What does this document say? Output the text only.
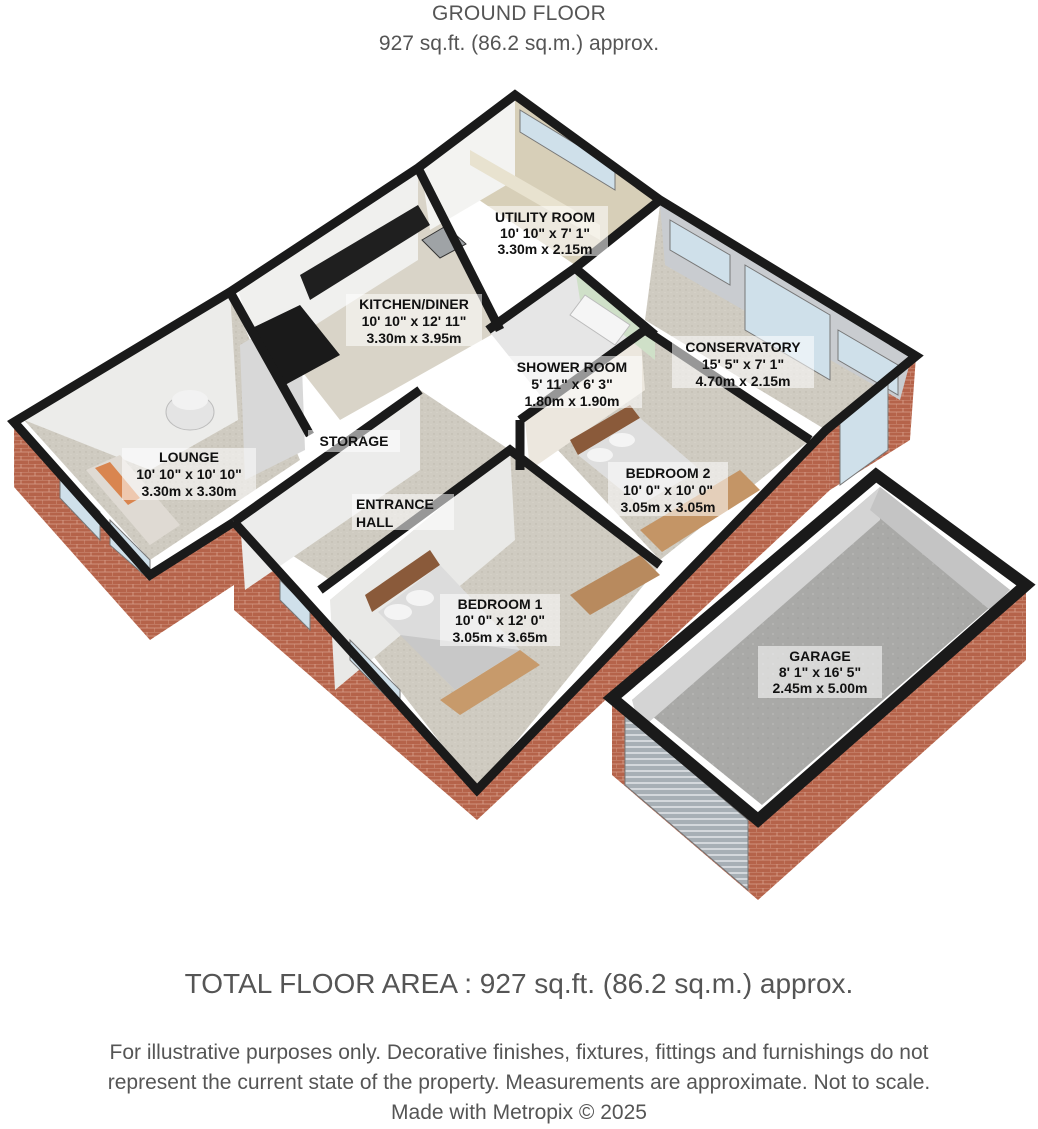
GROUND FLOOR
927 sq.ft. (86.2 sq.m.) approx.
UTILITY ROOM
10' 10" x 7' 1"
3.30m x 2.15m
KITCHEN/DINER
10' 10" x 12' 11"
3.30m x 3.95m
SHOWER ROOM
5' 11" x 6' 3"
1.80m x 1.90m
CONSERVATORY
15' 5" x 7' 1"
4.70m x 2.15m
LOUNGE
10' 10" x 10' 10"
3.30m x 3.30m
STORAGE
BEDROOM 2
10' 0" x 10' 0"
3.05m x 3.05m
ENTRANCE
HALL
BEDROOM 1
10' 0" x 12' 0"
3.05m x 3.65m
GARAGE
8' 1" x 16' 5"
2.45m x 5.00m
TOTAL FLOOR AREA : 927 sq.ft. (86.2 sq.m.) approx.
For illustrative purposes only. Decorative finishes, fixtures, fittings and furnishings do not
represent the current state of the property. Measurements are approximate. Not to scale.
Made with Metropix © 2025
